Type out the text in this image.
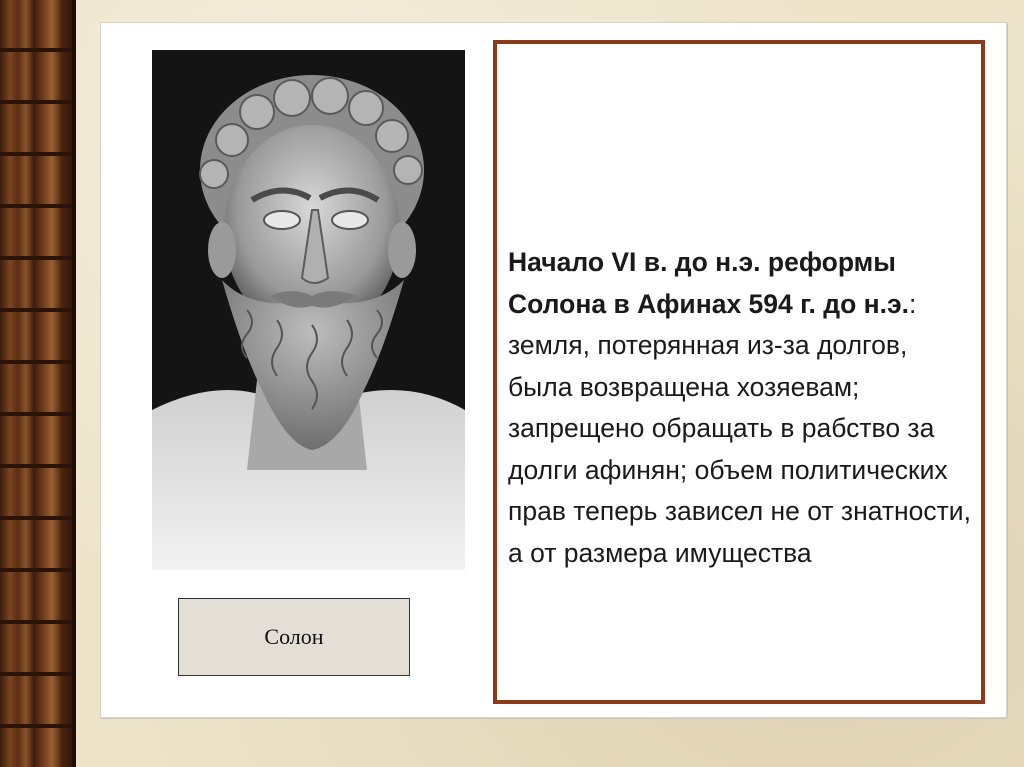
Солон
Начало VI в. до н.э. реформы Солона в Афинах 594 г. до н.э.: земля, потерянная из-за долгов, была возвращена хозяевам; запрещено обращать в рабство за долги афинян; объем политических прав теперь зависел не от знатности, а от размера имущества
